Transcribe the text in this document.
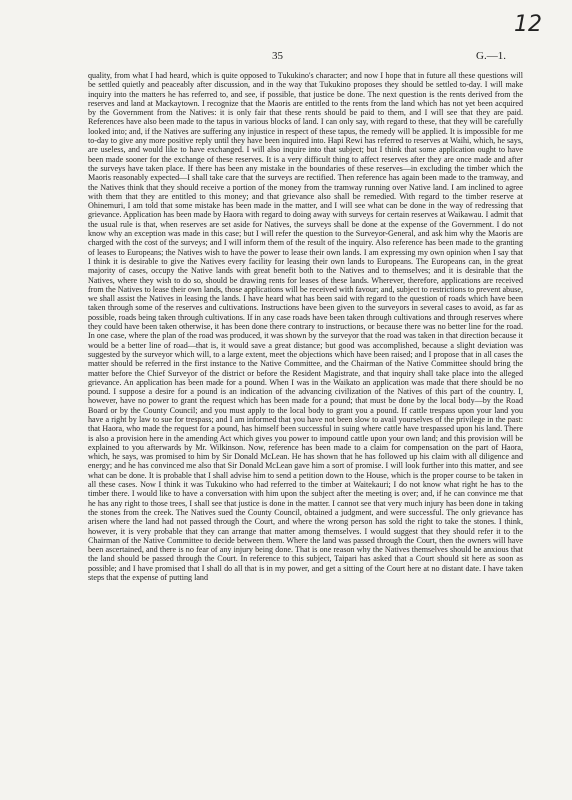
12
35	G.—1.

quality, from what I had heard, which is quite opposed to Tukukino's character; and now I hope that in future all these questions will be settled quietly and peaceably after discussion, and in the way that Tukukino proposes they should be settled to-day. I will make inquiry into the matters he has referred to, and see, if possible, that justice be done. The next question is the rents derived from the reserves and land at Mackaytown. I recognize that the Maoris are entitled to the rents from the land which has not yet been acquired by the Government from the Natives: it is only fair that these rents should be paid to them, and I will see that they are paid. References have also been made to the tapus in various blocks of land. I can only say, with regard to these, that they will be carefully looked into; and, if the Natives are suffering any injustice in respect of these tapus, the remedy will be applied. It is impossible for me to-day to give any more positive reply until they have been inquired into. Hapi Rewi has referred to reserves at Waihi, which, he says, are useless, and would like to have exchanged. I will also inquire into that subject; but I think that some application ought to have been made sooner for the exchange of these reserves. It is a very difficult thing to affect reserves after they are once made and after the surveys have taken place. If there has been any mistake in the boundaries of these reserves—in excluding the timber which the Maoris reasonably expected—I shall take care that the surveys are rectified. Then reference has again been made to the tramway, and the Natives think that they should receive a portion of the money from the tramway running over Native land. I am inclined to agree with them that they are entitled to this money; and that grievance also shall be remedied. With regard to the timber reserve at Ohinemuri, I am told that some mistake has been made in the matter, and I will see what can be done in the way of redressing that grievance. Application has been made by Haora with regard to doing away with surveys for certain reserves at Waikawau. I admit that the usual rule is that, when reserves are set aside for Natives, the surveys shall be done at the expense of the Government. I do not know why an exception was made in this case; but I will refer the question to the Surveyor-General, and ask him why the Maoris are charged with the cost of the surveys; and I will inform them of the result of the inquiry. Also reference has been made to the granting of leases to Europeans; the Natives wish to have the power to lease their own lands. I am expressing my own opinion when I say that I think it is desirable to give the Natives every facility for leasing their own lands to Europeans. The Europeans can, in the great majority of cases, occupy the Native lands with great benefit both to the Natives and to themselves; and it is desirable that the Natives, where they wish to do so, should be drawing rents for leases of these lands. Wherever, therefore, applications are received from the Natives to lease their own lands, those applications will be received with favour; and, subject to restrictions to prevent abuse, we shall assist the Natives in leasing the lands. I have heard what has been said with regard to the question of roads which have been taken through some of the reserves and cultivations. Instructions have been given to the surveyors in several cases to avoid, as far as possible, roads being taken through cultivations. If in any case roads have been taken through cultivations and through reserves where they could have been taken otherwise, it has been done there contrary to instructions, or because there was no better line for the road. In one case, where the plan of the road was produced, it was shown by the surveyor that the road was taken in that direction because it would be a better line of road—that is, it would save a great distance; but good was accomplished, because a slight deviation was suggested by the surveyor which will, to a large extent, meet the objections which have been raised; and I propose that in all cases the matter should be referred in the first instance to the Native Committee, and the Chairman of the Native Committee should bring the matter before the Chief Surveyor of the district or before the Resident Magistrate, and that inquiry shall take place into the alleged grievance. An application has been made for a pound. When I was in the Waikato an application was made that there should be no pound. I suppose a desire for a pound is an indication of the advancing civilization of the Natives of this part of the country. I, however, have no power to grant the request which has been made for a pound; that must be done by the local body—by the Road Board or by the County Council; and you must apply to the local body to grant you a pound. If cattle trespass upon your land you have a right by law to sue for trespass; and I am informed that you have not been slow to avail yourselves of the privilege in the past: that Haora, who made the request for a pound, has himself been successful in suing where cattle have trespassed upon his land. There is also a provision here in the amending Act which gives you power to impound cattle upon your own land; and this provision will be explained to you afterwards by Mr. Wilkinson. Now, reference has been made to a claim for compensation on the part of Haora, which, he says, was promised to him by Sir Donald McLean. He has shown that he has followed up his claim with all diligence and energy; and he has convinced me also that Sir Donald McLean gave him a sort of promise. I will look further into this matter, and see what can be done. It is probable that I shall advise him to send a petition down to the House, which is the proper course to be taken in all these cases. Now I think it was Tukukino who had referred to the timber at Waitekauri; I do not know what right he has to the timber there. I would like to have a conversation with him upon the subject after the meeting is over; and, if he can convince me that he has any right to those trees, I shall see that justice is done in the matter. I cannot see that very much injury has been done in taking the stones from the creek. The Natives sued the County Council, obtained a judgment, and were successful. The only grievance has arisen where the land had not passed through the Court, and where the wrong person has sold the right to take the stones. I think, however, it is very probable that they can arrange that matter among themselves. I would suggest that they should refer it to the Chairman of the Native Committee to decide between them. Where the land was passed through the Court, then the owners will have been ascertained, and there is no fear of any injury being done. That is one reason why the Natives themselves should be anxious that the land should be passed through the Court. In reference to this subject, Taipari has asked that a Court should sit here as soon as possible; and I have promised that I shall do all that is in my power, and get a sitting of the Court here at no distant date. I have taken steps that the expense of putting land
